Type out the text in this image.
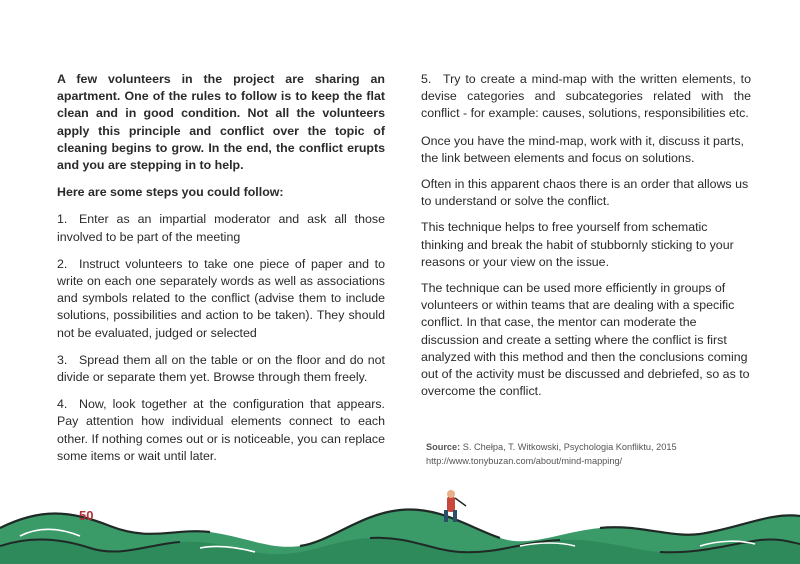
A few volunteers in the project are sharing an apartment. One of the rules to follow is to keep the flat clean and in good condition. Not all the volunteers apply this principle and conflict over the topic of cleaning begins to grow. In the end, the conflict erupts and you are stepping in to help.

Here are some steps you could follow:

1. Enter as an impartial moderator and ask all those involved to be part of the meeting

2. Instruct volunteers to take one piece of paper and to write on each one separately words as well as associations and symbols related to the conflict (advise them to include solutions, possibilities and action to be taken). They should not be evaluated, judged or selected

3. Spread them all on the table or on the floor and do not divide or separate them yet. Browse through them freely.

4. Now, look together at the configuration that appears. Pay attention how individual elements connect to each other. If nothing comes out or is noticeable, you can replace some items or wait until later.

5. Try to create a mind-map with the written elements, to devise categories and subcategories related with the conflict - for example: causes, solutions, responsibilities etc.

Once you have the mind-map, work with it, discuss it parts, the link between elements and focus on solutions.

Often in this apparent chaos there is an order that allows us to understand or solve the conflict.

This technique helps to free yourself from schematic thinking and break the habit of stubbornly sticking to your reasons or your view on the issue.

The technique can be used more efficiently in groups of volunteers or within teams that are dealing with a specific conflict. In that case, the mentor can moderate the discussion and create a setting where the conflict is first analyzed with this method and then the conclusions coming out of the activity must be discussed and debriefed, so as to overcome the conflict.

Source: S. Chełpa, T. Witkowski, Psychologia Konfliktu, 2015
http://www.tonybuzan.com/about/mind-mapping/
50
